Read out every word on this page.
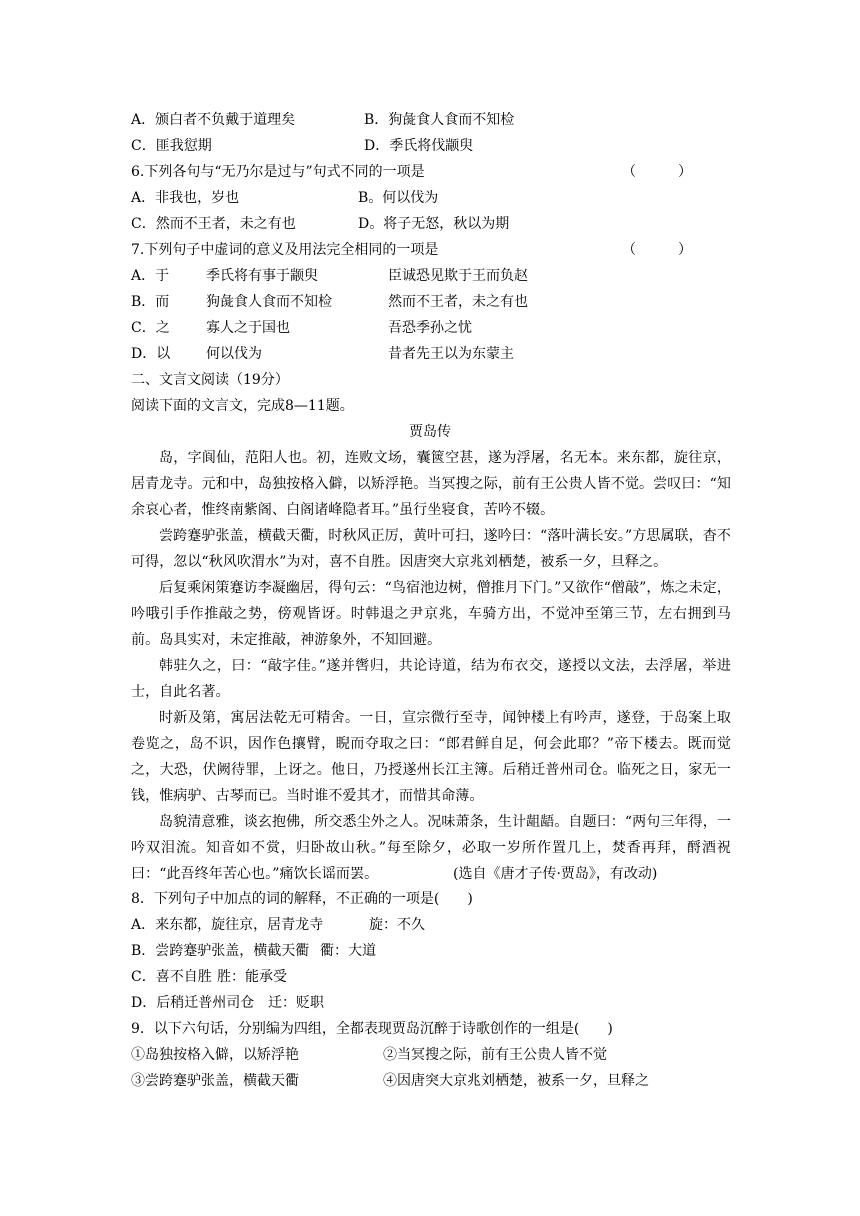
A．颁白者不负戴于道理矣	B．狗彘食人食而不知检
C．匪我愆期	D．季氏将伐颛臾
6.下列各句与“无乃尔是过与”句式不同的一项是	（　　　）
A．非我也，岁也	B。何以伐为
C．然而不王者，未之有也	D。将子无怒，秋以为期
7.下列句子中虚词的意义及用法完全相同的一项是	（　　　）
A．于	季氏将有事于颛臾	臣诚恐见欺于王而负赵
B．而	狗彘食人食而不知检	然而不王者，未之有也
C．之	寡人之于国也	吾恐季孙之忧
D．以	何以伐为	昔者先王以为东蒙主
二、文言文阅读（19分）
阅读下面的文言文，完成8—11题。
贾岛传
岛，字阆仙，范阳人也。初，连败文场，囊篋空甚，遂为浮屠，名无本。来东都，旋往京，居青龙寺。元和中，岛独按格入僻，以矫浮艳。当冥搜之际，前有王公贵人皆不觉。尝叹曰：“知余哀心者，惟终南紫阁、白阁诸峰隐者耳。”虽行坐寝食，苦吟不辍。
尝跨蹇驴张盖，横截天衢，时秋风正厉，黄叶可扫，遂吟曰：“落叶满长安。”方思属联，杳不可得，忽以“秋风吹渭水”为对，喜不自胜。因唐突大京兆刘栖楚，被系一夕，旦释之。
后复乘闲策蹇访李凝幽居，得句云：“鸟宿池边树，僧推月下门。”又欲作“僧敲”，炼之未定，吟哦引手作推敲之势，傍观皆讶。时韩退之尹京兆，车骑方出，不觉冲至第三节，左右拥到马前。岛具实对，未定推敲，神游象外，不知回避。
韩驻久之，曰：“敲字佳。”遂并辔归，共论诗道，结为布衣交，遂授以文法，去浮屠，举进士，自此名著。
时新及第，寓居法乾无可精舍。一日，宣宗微行至寺，闻钟楼上有吟声，遂登，于岛案上取卷览之，岛不识，因作色攘臂，睨而夺取之曰：“郎君鲜自足，何会此耶？”帝下楼去。既而觉之，大恐，伏阙待罪，上讶之。他日，乃授遂州长江主簿。后稍迁普州司仓。临死之日，家无一钱，惟病驴、古琴而已。当时谁不爱其才，而惜其命薄。
岛貌清意雅，谈玄抱佛，所交悉尘外之人。况味萧条，生计龃龉。自题曰：“两句三年得，一吟双泪流。知音如不赏，归卧故山秋。”每至除夕，必取一岁所作置几上，焚香再拜，酹酒祝曰：“此吾终年苦心也。”痛饮长谣而罢。	(选自《唐才子传·贾岛》，有改动)
8．下列句子中加点的词的解释，不正确的一项是(　　)
A．来东都，旋往京，居青龙寺	旋：不久
B．尝跨蹇驴张盖，横截天衢 衢：大道
C．喜不自胜 胜：能承受
D．后稍迁普州司仓 迁：贬职
9．以下六句话，分别编为四组，全都表现贾岛沉醉于诗歌创作的一组是(　　)
①岛独按格入僻，以矫浮艳	②当冥搜之际，前有王公贵人皆不觉
③尝跨蹇驴张盖，横截天衢	④因唐突大京兆刘栖楚，被系一夕，旦释之
